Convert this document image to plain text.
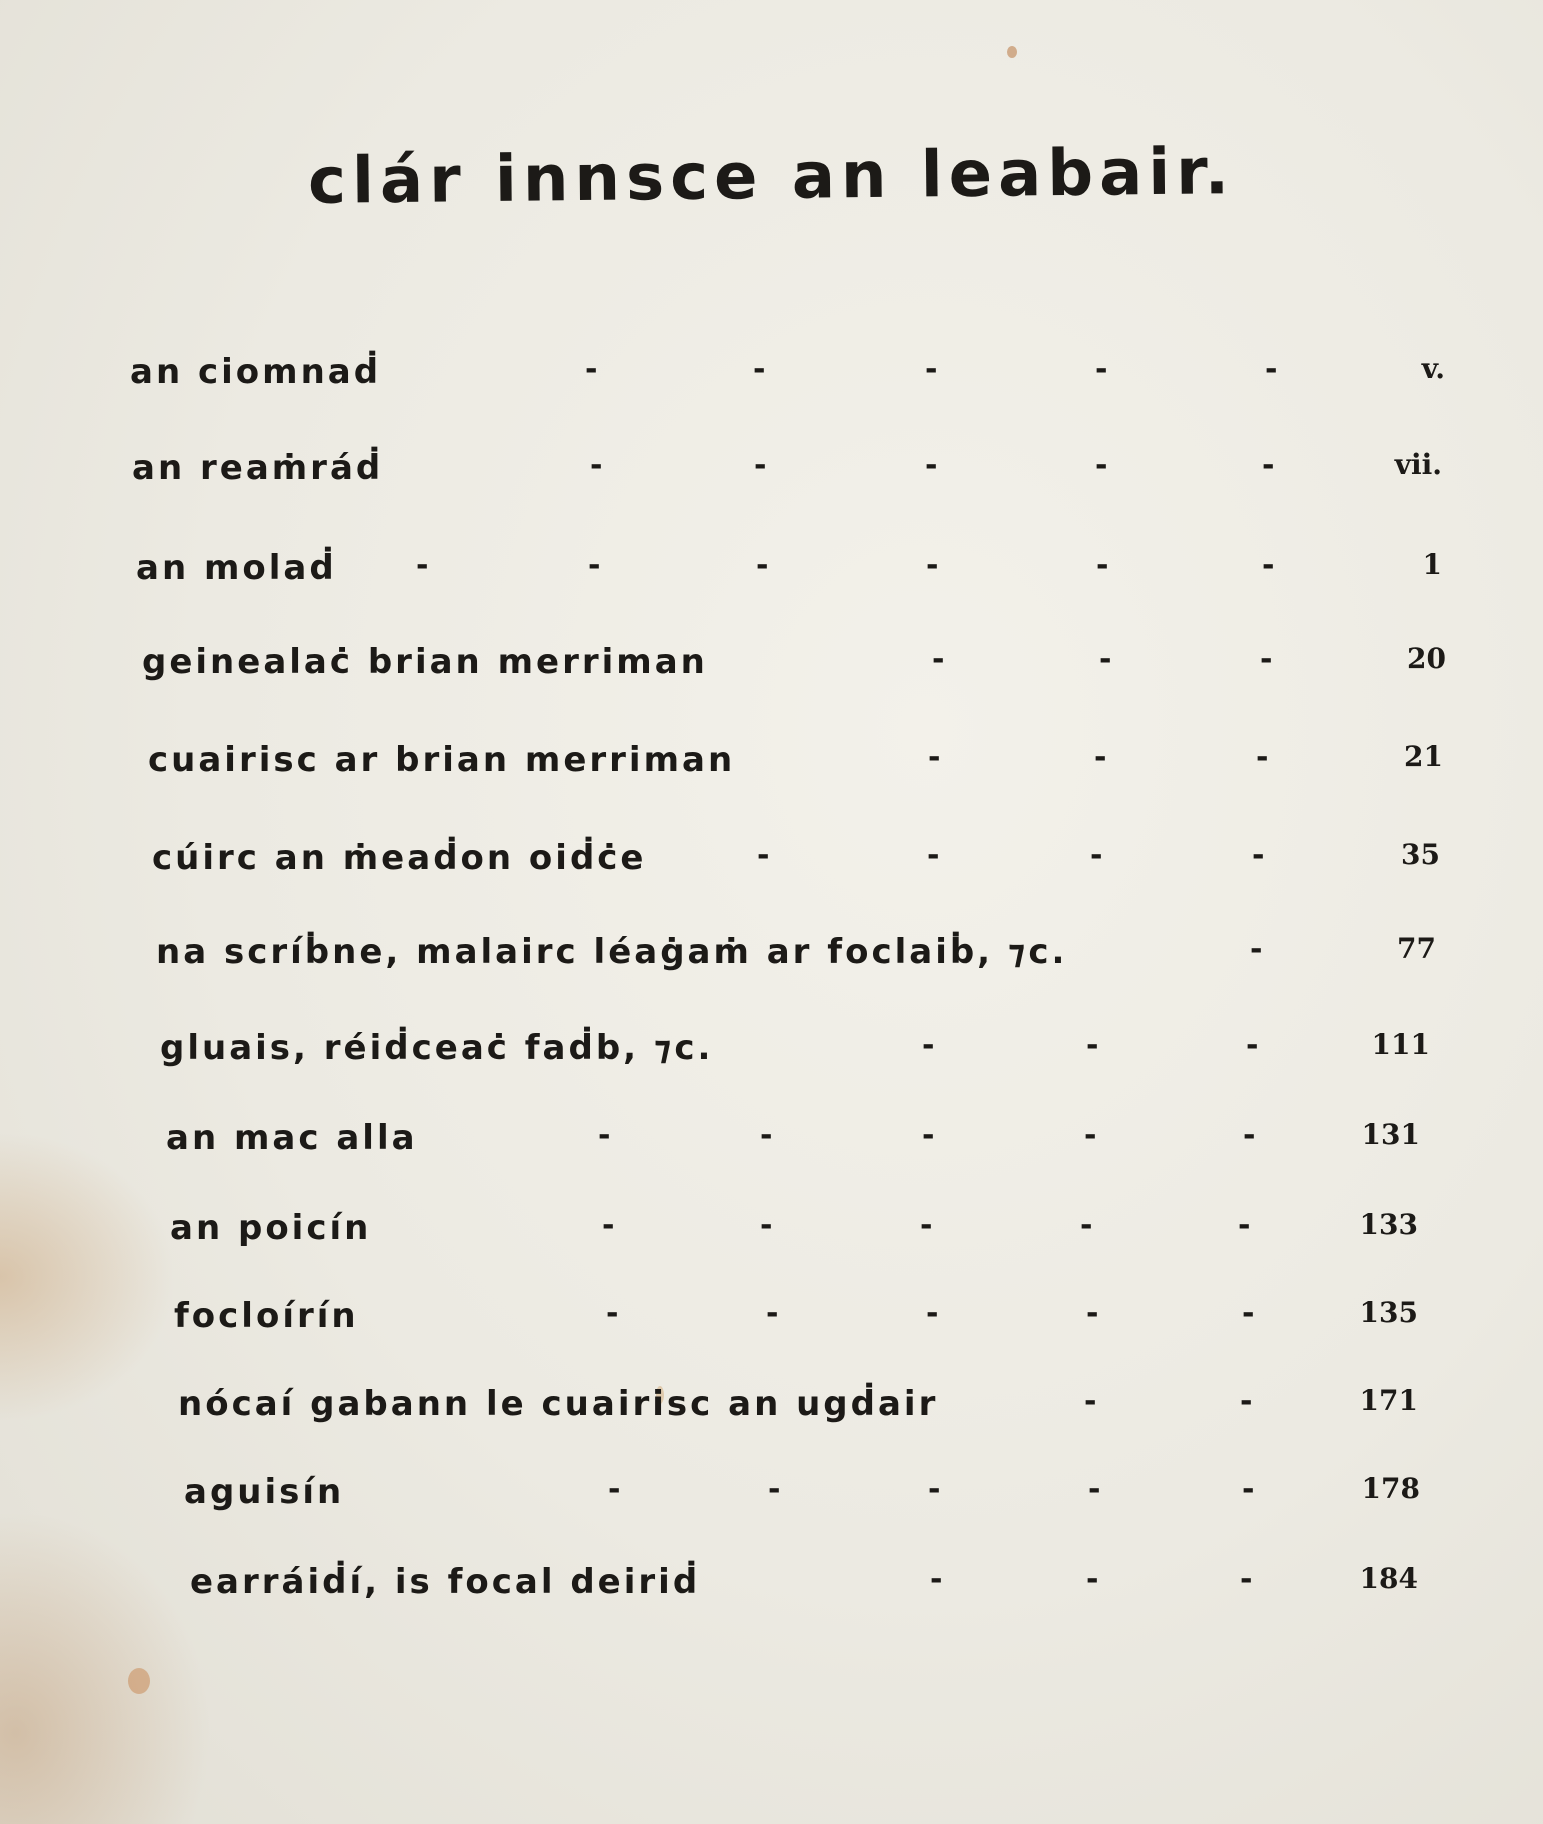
clár innsce an leabair.
an ciomnaḋ	-	-	-	-	-	v.
an reaṁráḋ	-	-	-	-	-	vii.
an molaḋ	-	-	-	-	-	-	1
geinealaċ brian merriman	-	-	-	20
cuairisc ar brian merriman	-	-	-	21
cúirc an ṁeaḋon oiḋċe	-	-	-	-	35
na scríḃne, malairc léaġaṁ ar foclaiḃ, ⁊c.	-	77
gluais, réiḋceaċ faḋb, ⁊c.	-	-	-	111
an mac alla	-	-	-	-	-	131
an poicín	-	-	-	-	-	133
focloírín	-	-	-	-	-	135
nócaí gabann le cuairisc an ugḋair	-	-	171
aguisín	-	-	-	-	-	178
earráiḋí, is focal deiriḋ	-	-	-	184
